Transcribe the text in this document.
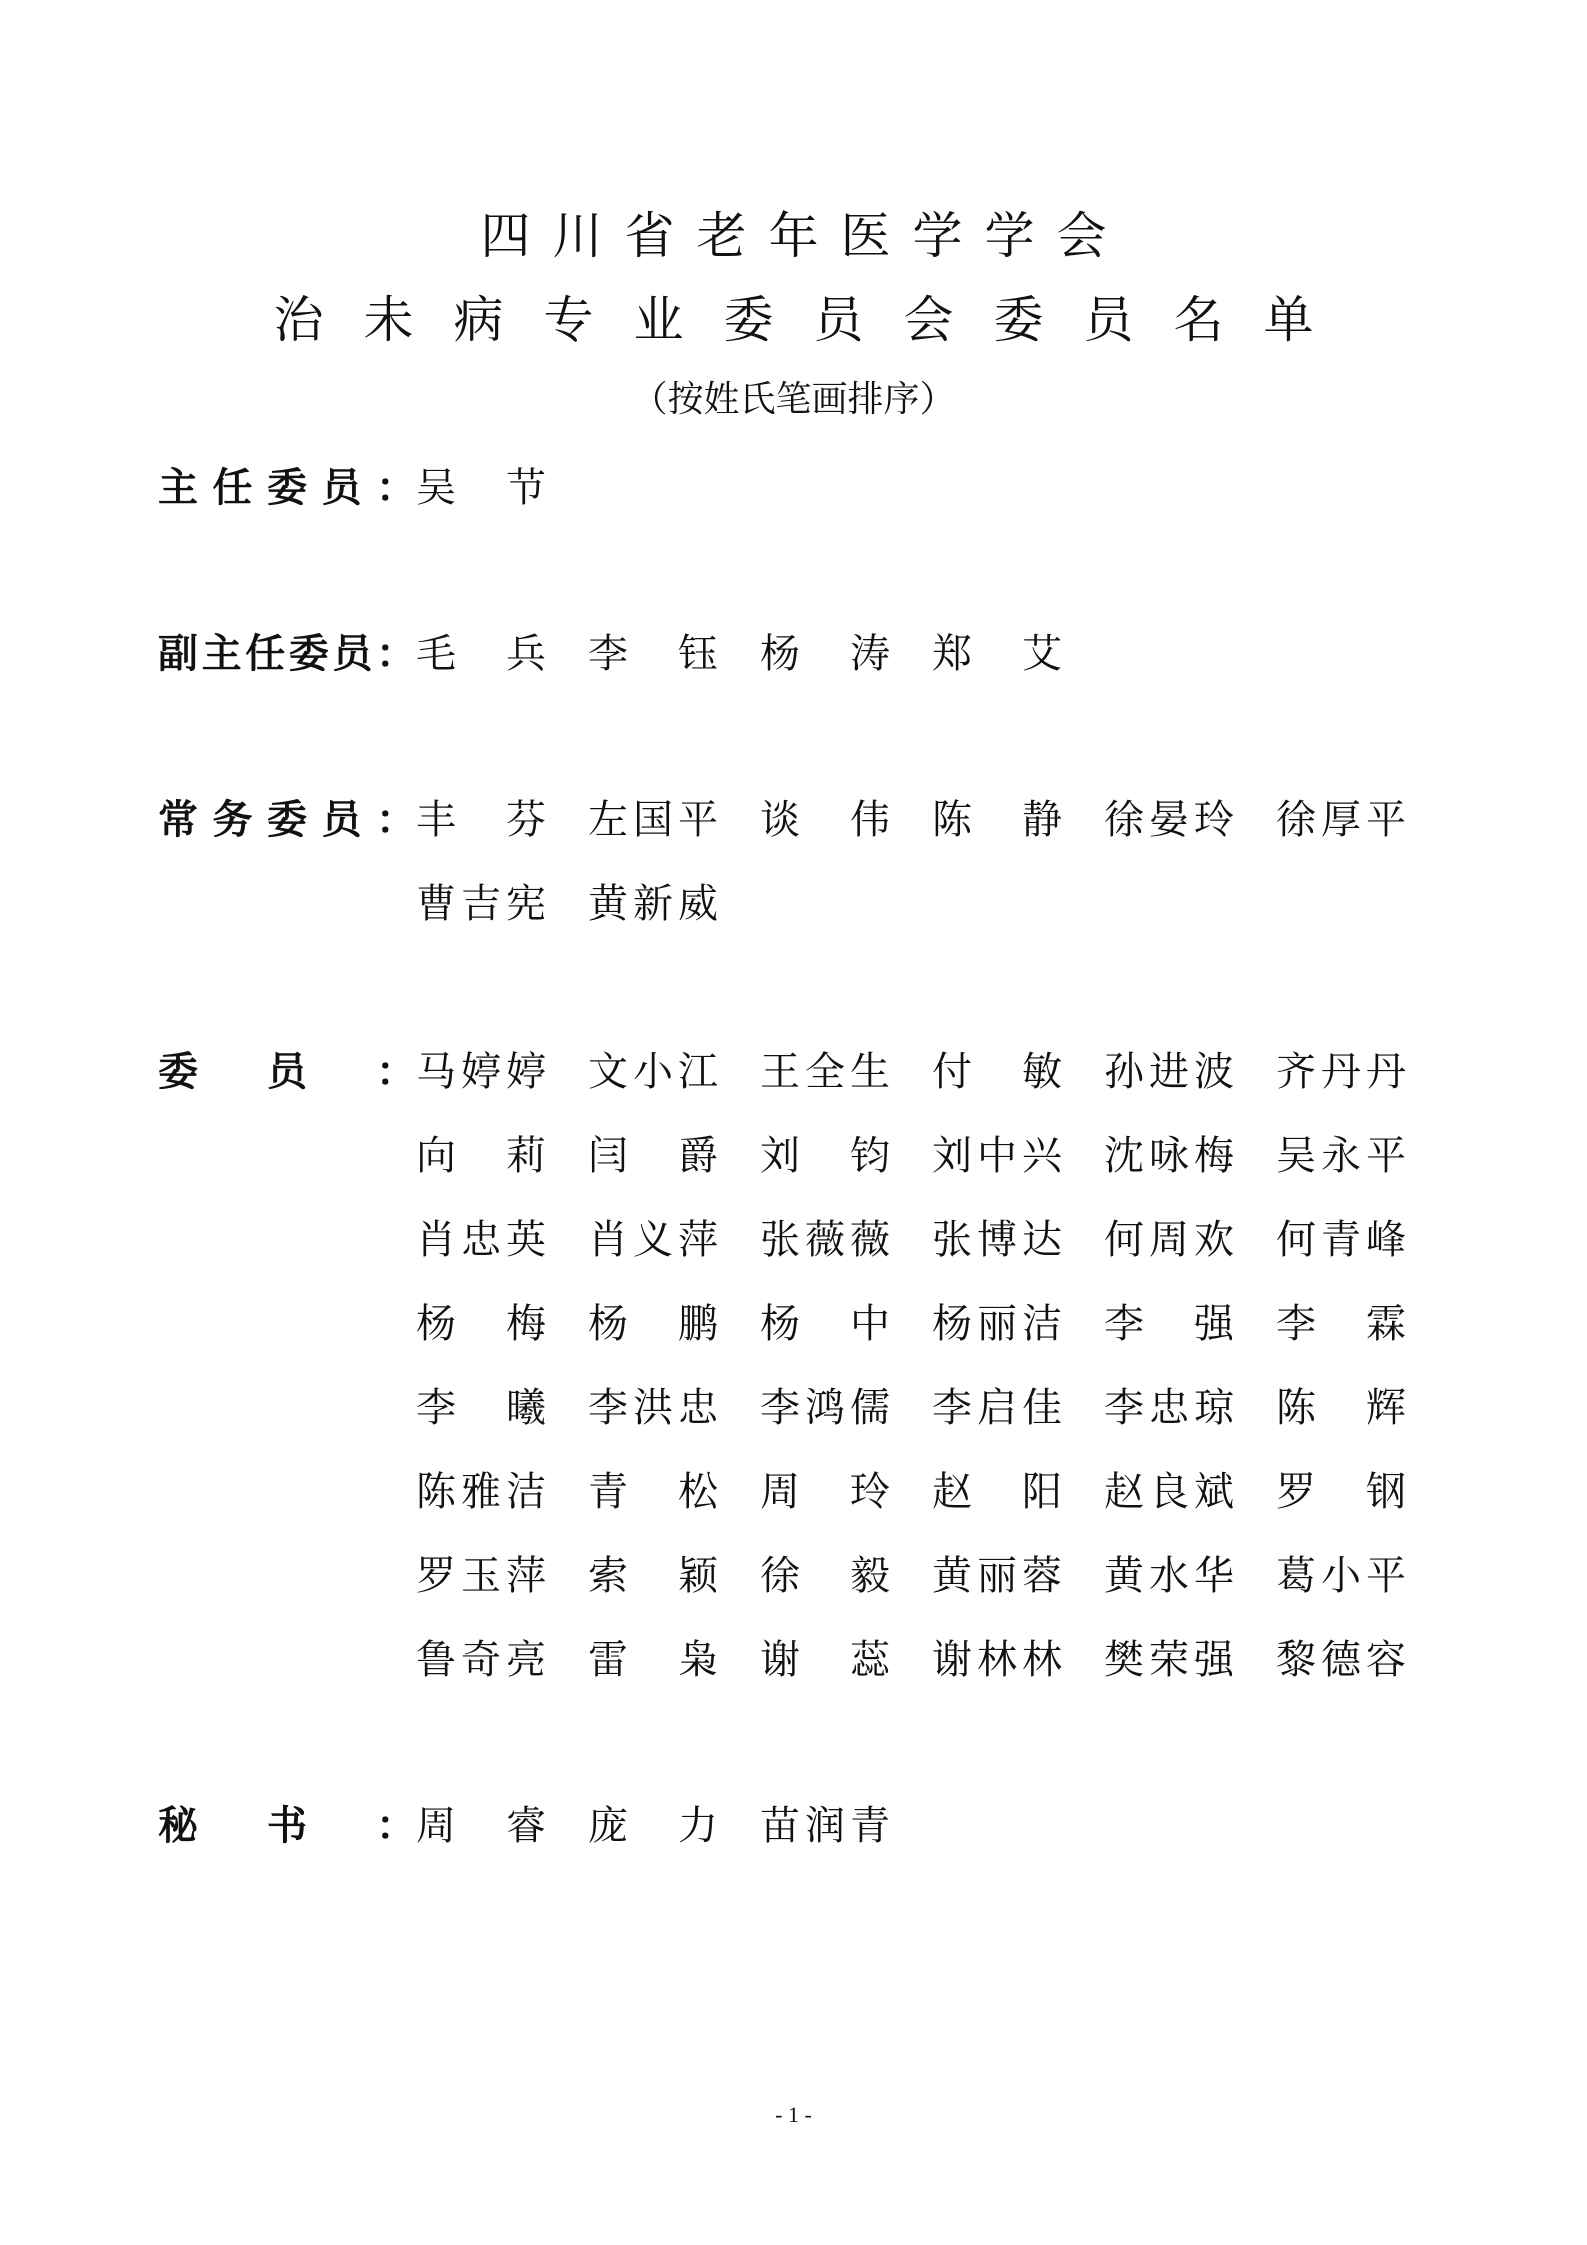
四川省老年医学学会
治未病专业委员会委员名单
（按姓氏笔画排序）
主 任 委 员 ： 吴 节
副 主 任 委 员 ： 毛 兵 李 钰 杨 涛 郑 艾
常 务 委 员 ： 丰 芬 左 国 平 谈 伟 陈 静 徐 晏 玲 徐 厚 平
曹 吉 宪 黄 新 威
委 员 ： 马 婷 婷 文 小 江 王 全 生 付 敏 孙 进 波 齐 丹 丹
向 莉 闫 爵 刘 钧 刘 中 兴 沈 咏 梅 吴 永 平
肖 忠 英 肖 义 萍 张 薇 薇 张 博 达 何 周 欢 何 青 峰
杨 梅 杨 鹏 杨 中 杨 丽 洁 李 强 李 霖
李 曦 李 洪 忠 李 鸿 儒 李 启 佳 李 忠 琼 陈 辉
陈 雅 洁 青 松 周 玲 赵 阳 赵 良 斌 罗 钢
罗 玉 萍 索 颖 徐 毅 黄 丽 蓉 黄 水 华 葛 小 平
鲁 奇 亮 雷 枭 谢 蕊 谢 林 林 樊 荣 强 黎 德 容
秘 书 ： 周 睿 庞 力 苗 润 青
- 1 -
